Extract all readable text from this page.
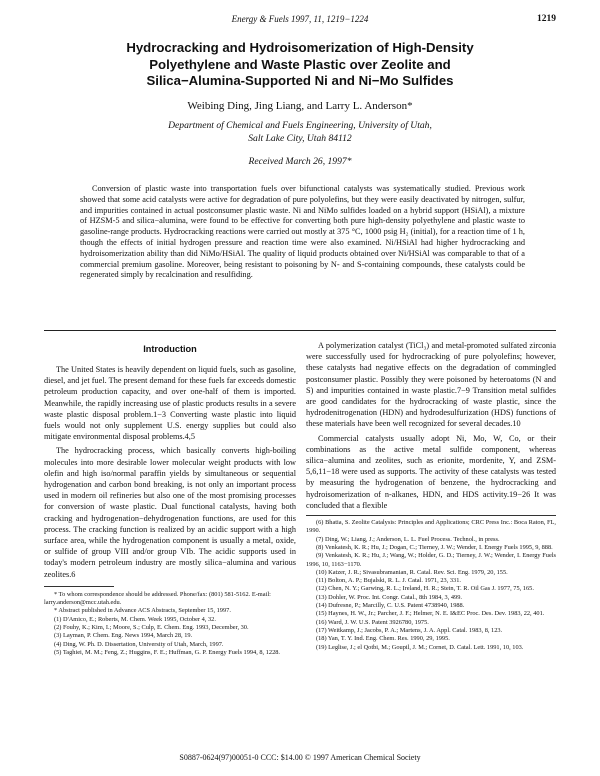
Energy & Fuels 1997, 11, 1219−1224	1219
Hydrocracking and Hydroisomerization of High-Density
Polyethylene and Waste Plastic over Zeolite and
Silica−Alumina-Supported Ni and Ni−Mo Sulfides
Weibing Ding, Jing Liang, and Larry L. Anderson*
Department of Chemical and Fuels Engineering, University of Utah,
Salt Lake City, Utah 84112
Received March 26, 1997*
Conversion of plastic waste into transportation fuels over bifunctional catalysts was systematically studied. Previous work showed that some acid catalysts were active for degradation of pure polyolefins, but they were easily deactivated by nitrogen, sulfur, and impurities contained in actual postconsumer plastic waste. Ni and NiMo sulfides loaded on a hybrid support (HSiAl), a mixture of HZSM-5 and silica−alumina, were found to be effective for converting both pure high-density polyethylene and plastic waste to gasoline-range products. Hydrocracking reactions were carried out mostly at 375 °C, 1000 psig H₂ (initial), for a reaction time of 1 h, though the effects of initial hydrogen pressure and reaction time were also examined. Ni/HSiAl had higher hydrocracking and hydroisomerization ability than did NiMo/HSiAl. The quality of liquid products obtained over Ni/HSiAl was comparable to that of a commercial premium gasoline. Moreover, being resistant to poisoning by N- and S-containing compounds, these catalysts could be regenerated simply by recalcination and resulfiding.
Introduction

The United States is heavily dependent on liquid fuels, such as gasoline, diesel, and jet fuel. The present demand for these fuels far exceeds domestic petroleum production capacity, and over one-half of them is imported. Meanwhile, the rapidly increasing use of plastic products results in a severe waste plastic disposal problem.1−3 Converting waste plastic into liquid fuels would not only supplement U.S. energy supplies but could also mitigate environmental disposal problems.4,5

The hydrocracking process, which basically converts high-boiling molecules into more desirable lower molecular weight products with low olefin and high iso/normal paraffin yields by simultaneous or sequential hydrogenation and carbon bond breaking, is not only an important process used in modern oil refineries but also one of the most promising processes for conversion of waste plastic. Dual functional catalysts, having both cracking and hydrogenation−dehydrogenation functions, are used for this process. The cracking function is realized by an acidic support with a high surface area, while the hydrogenation component is usually a metal, oxide, or sulfide of group VIII and/or group VIb. The acidic supports used in today's modern petroleum industry are mostly silica−alumina and various zeolites.6

* To whom correspondence should be addressed. Phone/fax: (801) 581-5162. E-mail: larry.anderson@mcc.utah.edu.

* Abstract published in Advance ACS Abstracts, September 15, 1997.

(1) D'Amico, E.; Roberts, M. Chem. Week 1995, October 4, 32.

(2) Fouhy, K.; Kim, I.; Moore, S.; Culp, E. Chem. Eng. 1993, December, 30.

(3) Layman, P. Chem. Eng. News 1994, March 28, 19.

(4) Ding, W. Ph. D. Dissertation, University of Utah, March, 1997.

(5) Taghiei, M. M.; Feng, Z.; Huggins, F. E.; Huffman, G. P. Energy Fuels 1994, 8, 1228.

A polymerization catalyst (TiCl₃) and metal-promoted sulfated zirconia were successfully used for hydrocracking of pure polyolefins; however, these catalysts had negative effects on the degradation of commingled postconsumer plastic. Possibly they were poisoned by heteroatoms (N and S) and impurities contained in waste plastic.7−9 Transition metal sulfides are good candidates for the hydrocracking of waste plastic, since the hydrodenitrogenation (HDN) and hydrodesulfurization (HDS) functions of these materials have been well recognized for several decades.10

Commercial catalysts usually adopt Ni, Mo, W, Co, or their combinations as the active metal sulfide component, whereas silica−alumina and zeolites, such as erionite, mordenite, Y, and ZSM-5,6,11−18 were used as supports. The activity of these catalysts was tested by measuring the hydrogenation of benzene, the hydrocracking and hydroisomerization of n-alkanes, HDN, and HDS activity.19−26 It was concluded that a flexible

(6) Bhatia, S. Zeolite Catalysis: Principles and Applications; CRC Press Inc.: Boca Raton, FL, 1990.

(7) Ding, W.; Liang, J.; Anderson, L. L. Fuel Process. Technol., in press.

(8) Venkatesh, K. R.; Hu, J.; Dogan, C.; Tierney, J. W.; Wender, I. Energy Fuels 1995, 9, 888.

(9) Venkatesh, K. R.; Hu, J.; Wang, W.; Holder, G. D.; Tierney, J. W.; Wender, I. Energy Fuels 1996, 10, 1163−1170.

(10) Katzer, J. R.; Sivasubramanian, R. Catal. Rev. Sci. Eng. 1979, 20, 155.

(11) Bolton, A. P.; Bujalski, R. L. J. Catal. 1971, 23, 331.

(12) Chen, N. Y.; Garwing, R. L.; Ireland, H. R.; Stein, T. R. Oil Gas J. 1977, 75, 165.

(13) Dohler, W. Proc. Int. Congr. Catal., 8th 1984, 3, 499.

(14) Dufresne, P.; Marcilly, C. U.S. Patent 4738940, 1988.

(15) Haynes, H. W., Jr.; Parcher, J. F.; Helmer, N. E. I&EC Proc. Des. Dev. 1983, 22, 401.

(16) Ward, J. W. U.S. Patent 3926780, 1975.

(17) Weitkamp, J.; Jacobs, P. A.; Martens, J. A. Appl. Catal. 1983, 8, 123.

(18) Yan, T. Y. Ind. Eng. Chem. Res. 1990, 29, 1995.

(19) Leglise, J.; el Qotbi, M.; Goupil, J. M.; Cornet, D. Catal. Lett. 1991, 10, 103.

S0887-0624(97)00051-0 CCC: $14.00 © 1997 American Chemical Society
